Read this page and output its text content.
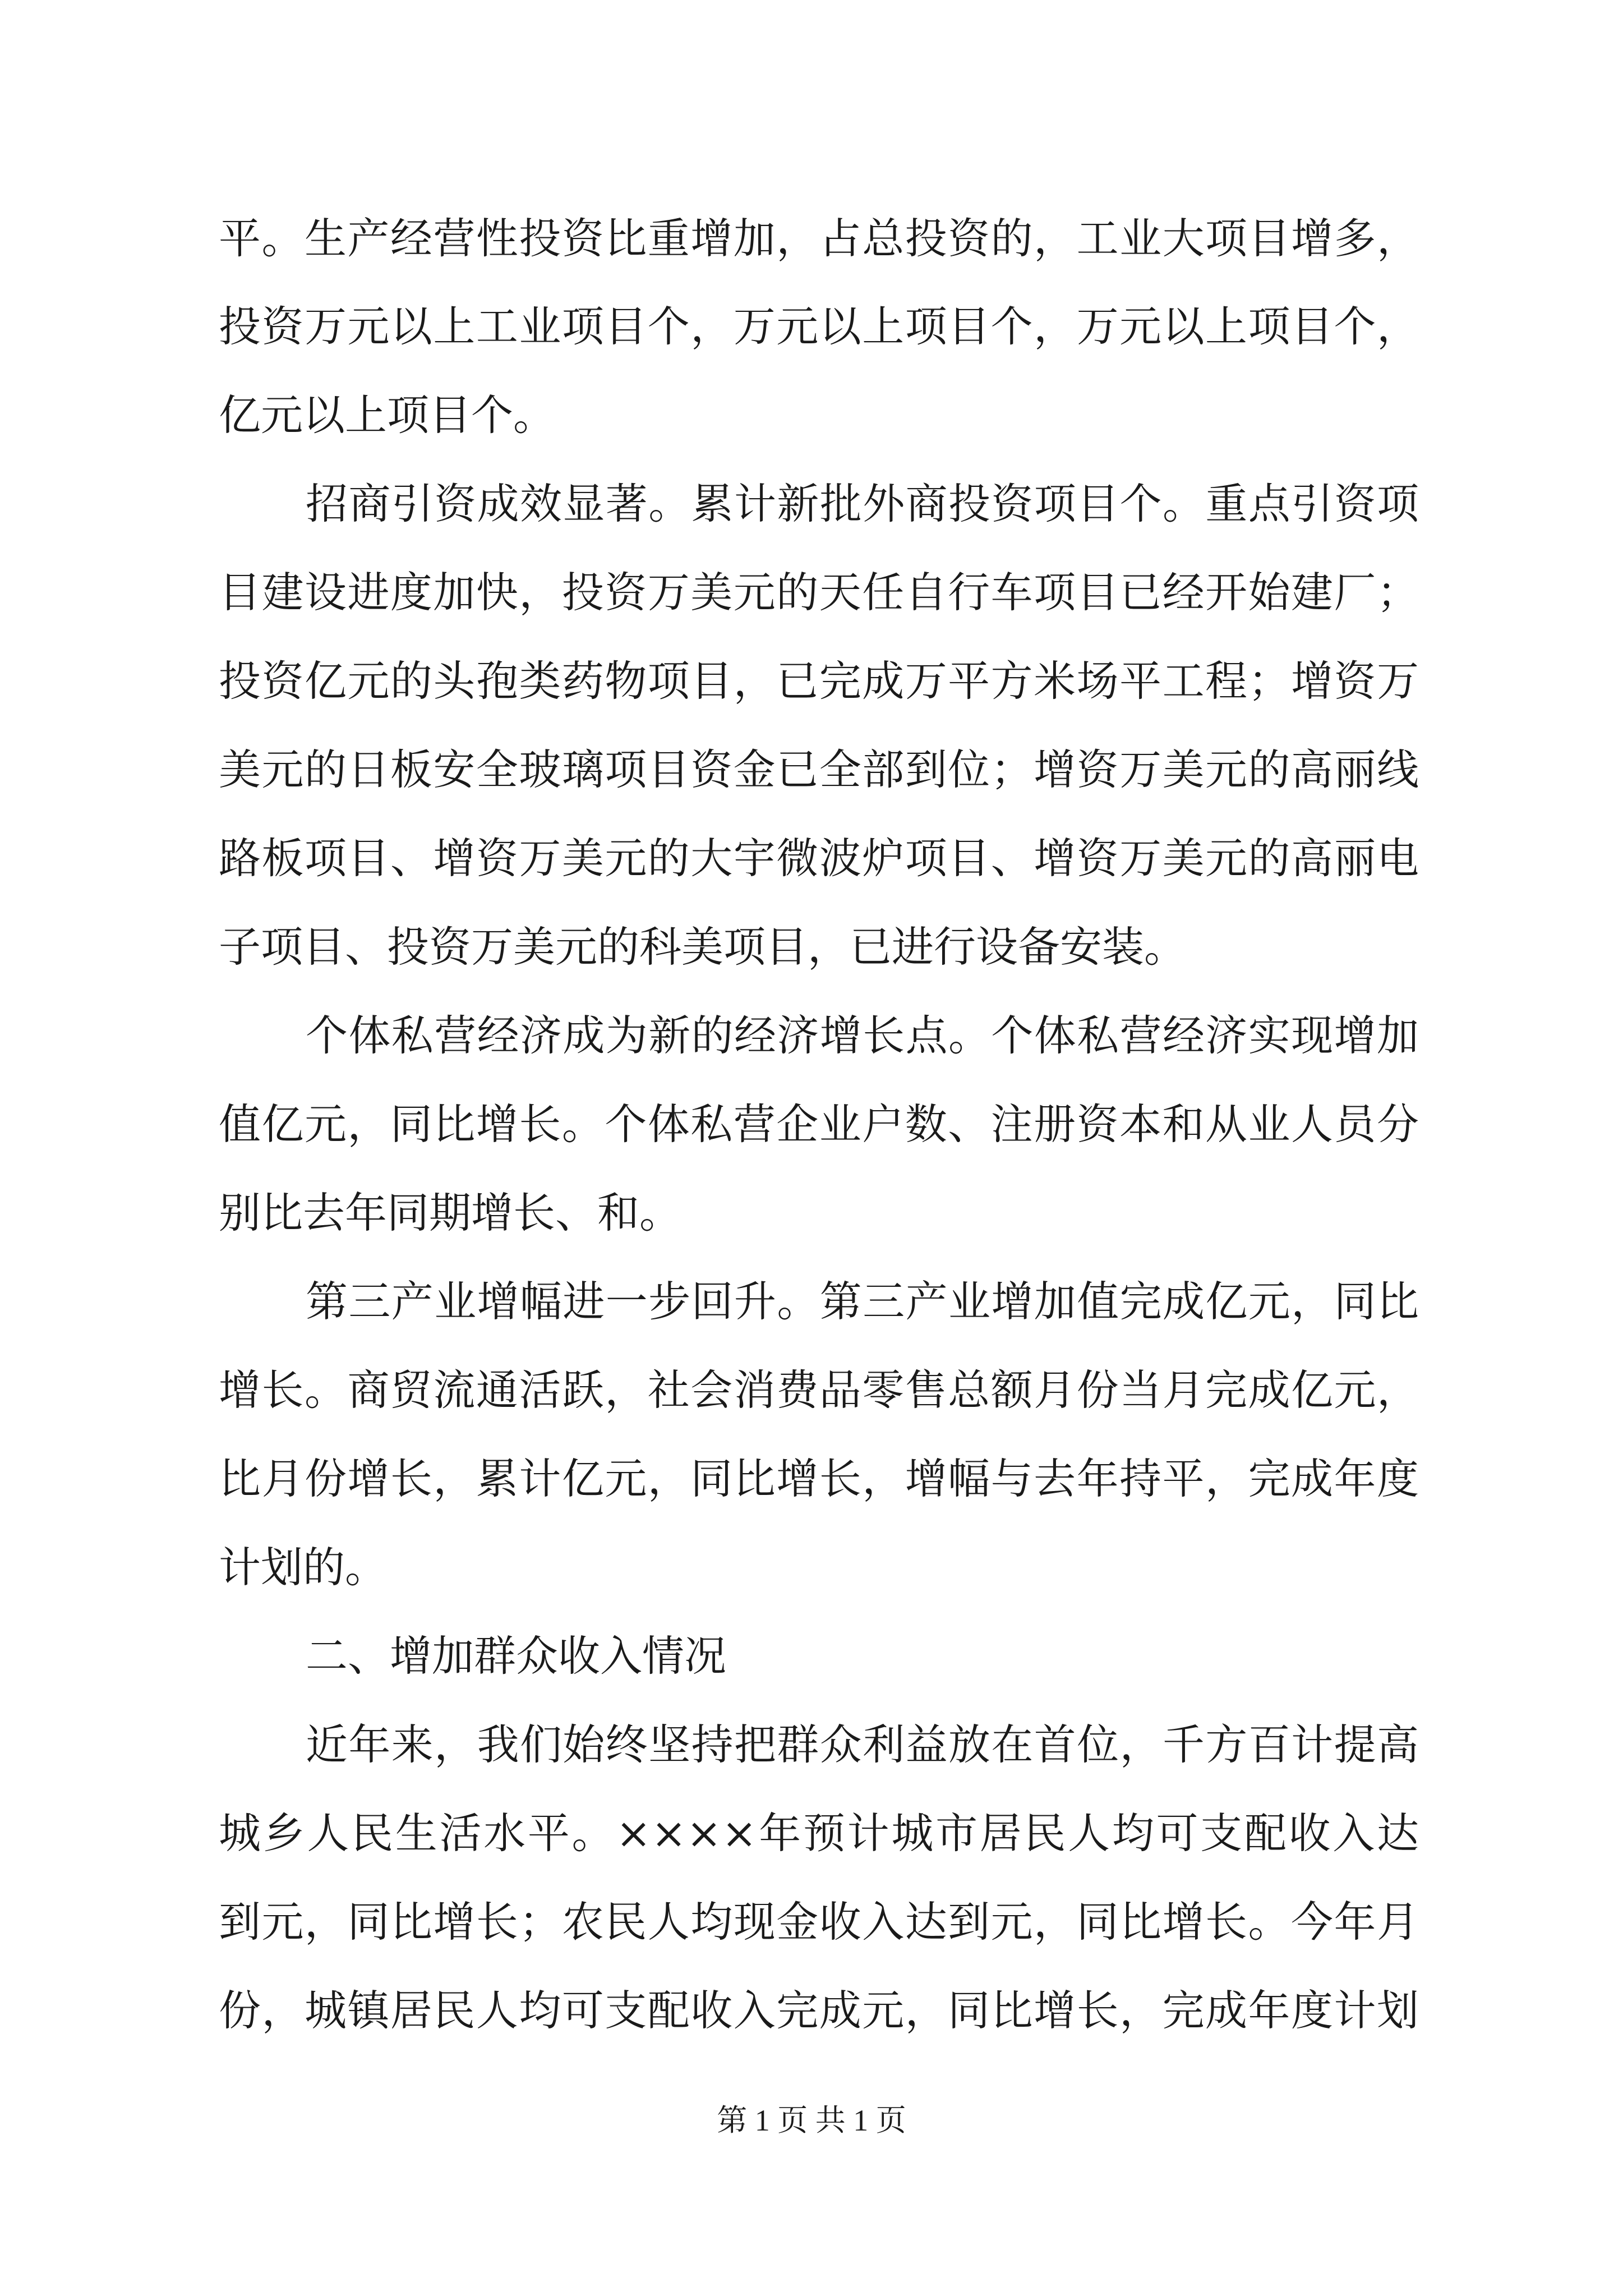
平。生产经营性投资比重增加，占总投资的，工业大项目增多，
投资万元以上工业项目个，万元以上项目个，万元以上项目个，
亿元以上项目个。
招商引资成效显著。累计新批外商投资项目个。重点引资项
目建设进度加快，投资万美元的天任自行车项目已经开始建厂；
投资亿元的头孢类药物项目，已完成万平方米场平工程；增资万
美元的日板安全玻璃项目资金已全部到位；增资万美元的高丽线
路板项目、增资万美元的大宇微波炉项目、增资万美元的高丽电
子项目、投资万美元的科美项目，已进行设备安装。
个体私营经济成为新的经济增长点。个体私营经济实现增加
值亿元，同比增长。个体私营企业户数、注册资本和从业人员分
别比去年同期增长、和。
第三产业增幅进一步回升。第三产业增加值完成亿元，同比
增长。商贸流通活跃，社会消费品零售总额月份当月完成亿元，
比月份增长，累计亿元，同比增长，增幅与去年持平，完成年度
计划的。
二、增加群众收入情况
近年来，我们始终坚持把群众利益放在首位，千方百计提高
城乡人民生活水平。××××年预计城市居民人均可支配收入达
到元，同比增长；农民人均现金收入达到元，同比增长。今年月
份，城镇居民人均可支配收入完成元，同比增长，完成年度计划
第 1 页 共 1 页
